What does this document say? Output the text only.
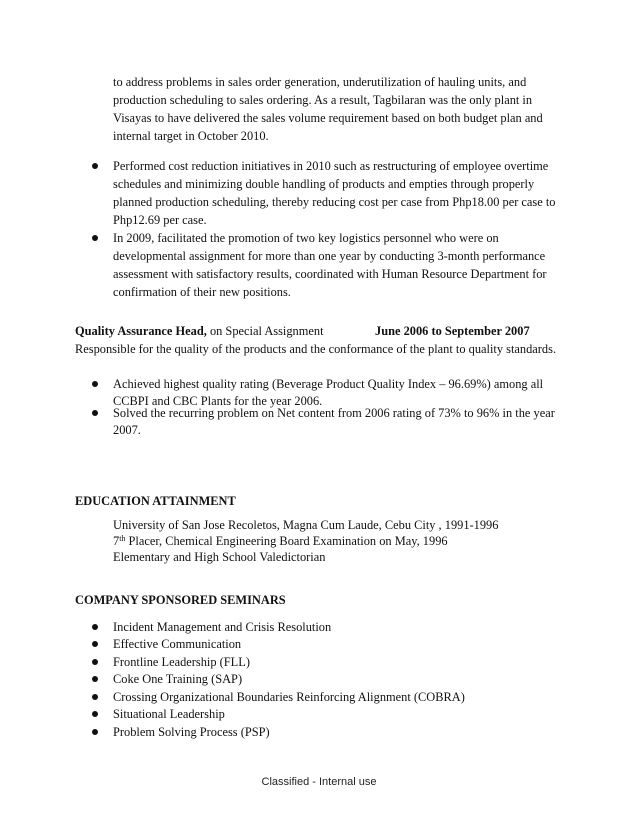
to address problems in sales order generation, underutilization of hauling units, and
production scheduling to sales ordering. As a result, Tagbilaran was the only plant in
Visayas to have delivered the sales volume requirement based on both budget plan and
internal target in October 2010.
Performed cost reduction initiatives in 2010 such as restructuring of employee overtime
schedules and minimizing double handling of products and empties through properly
planned production scheduling, thereby reducing cost per case from Php18.00 per case to
Php12.69 per case.
In 2009, facilitated the promotion of two key logistics personnel who were on
developmental assignment for more than one year by conducting 3-month performance
assessment with satisfactory results, coordinated with Human Resource Department for
confirmation of their new positions.
Quality Assurance Head, on Special Assignment	June 2006 to September 2007
Responsible for the quality of the products and the conformance of the plant to quality standards.
Achieved highest quality rating (Beverage Product Quality Index – 96.69%) among all
CCBPI and CBC Plants for the year 2006.
Solved the recurring problem on Net content from 2006 rating of 73% to 96% in the year
2007.
EDUCATION ATTAINMENT
University of San Jose Recoletos, Magna Cum Laude, Cebu City , 1991-1996
7th Placer, Chemical Engineering Board Examination on May, 1996
Elementary and High School Valedictorian
COMPANY SPONSORED SEMINARS
Incident Management and Crisis Resolution
Effective Communication
Frontline Leadership (FLL)
Coke One Training (SAP)
Crossing Organizational Boundaries Reinforcing Alignment (COBRA)
Situational Leadership
Problem Solving Process (PSP)
Classified - Internal use
